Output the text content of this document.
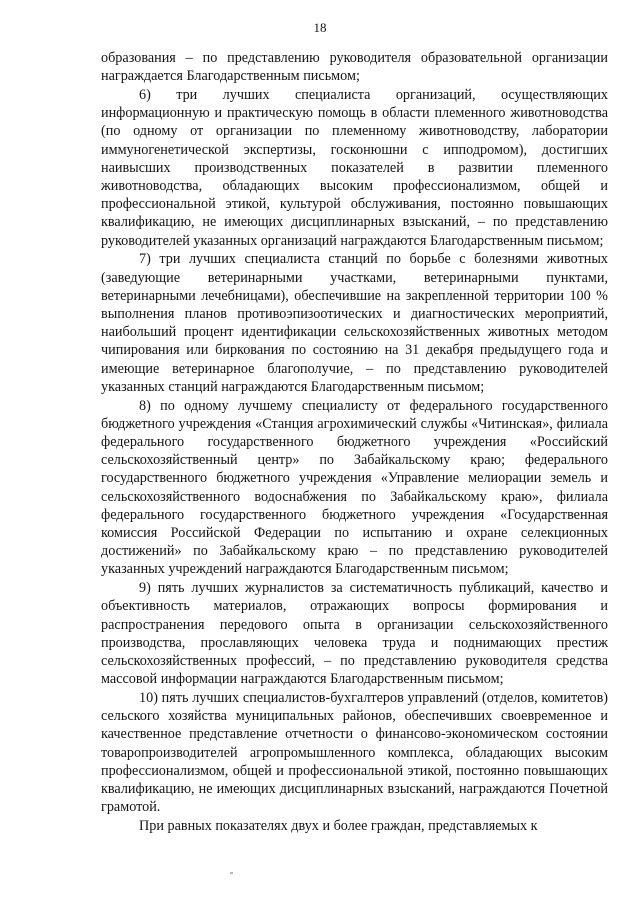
18

образования – по представлению руководителя образовательной организации награждается Благодарственным письмом;

6) три лучших специалиста организаций, осуществляющих информационную и практическую помощь в области племенного животноводства (по одному от организации по племенному животноводству, лаборатории иммуногенетической экспертизы, госконюшни с ипподромом), достигших наивысших производственных показателей в развитии племенного животноводства, обладающих высоким профессионализмом, общей и профессиональной этикой, культурой обслуживания, постоянно повышающих квалификацию, не имеющих дисциплинарных взысканий, – по представлению руководителей указанных организаций награждаются Благодарственным письмом;

7) три лучших специалиста станций по борьбе с болезнями животных (заведующие ветеринарными участками, ветеринарными пунктами, ветеринарными лечебницами), обеспечившие на закрепленной территории 100 % выполнения планов противоэпизоотических и диагностических мероприятий, наибольший процент идентификации сельскохозяйственных животных методом чипирования или биркования по состоянию на 31 декабря предыдущего года и имеющие ветеринарное благополучие, – по представлению руководителей указанных станций награждаются Благодарственным письмом;

8) по одному лучшему специалисту от федерального государственного бюджетного учреждения «Станция агрохимический службы «Читинская», филиала федерального государственного бюджетного учреждения «Российский сельскохозяйственный центр» по Забайкальскому краю; федерального государственного бюджетного учреждения «Управление мелиорации земель и сельскохозяйственного водоснабжения по Забайкальскому краю», филиала федерального государственного бюджетного учреждения «Государственная комиссия Российской Федерации по испытанию и охране селекционных достижений» по Забайкальскому краю – по представлению руководителей указанных учреждений награждаются Благодарственным письмом;

9) пять лучших журналистов за систематичность публикаций, качество и объективность материалов, отражающих вопросы формирования и распространения передового опыта в организации сельскохозяйственного производства, прославляющих человека труда и поднимающих престиж сельскохозяйственных профессий, – по представлению руководителя средства массовой информации награждаются Благодарственным письмом;

10) пять лучших специалистов-бухгалтеров управлений (отделов, комитетов) сельского хозяйства муниципальных районов, обеспечивших своевременное и качественное представление отчетности о финансово-экономическом состоянии товаропроизводителей агропромышленного комплекса, обладающих высоким профессионализмом, общей и профессиональной этикой, постоянно повышающих квалификацию, не имеющих дисциплинарных взысканий, награждаются Почетной грамотой.

При равных показателях двух и более граждан, представляемых к
